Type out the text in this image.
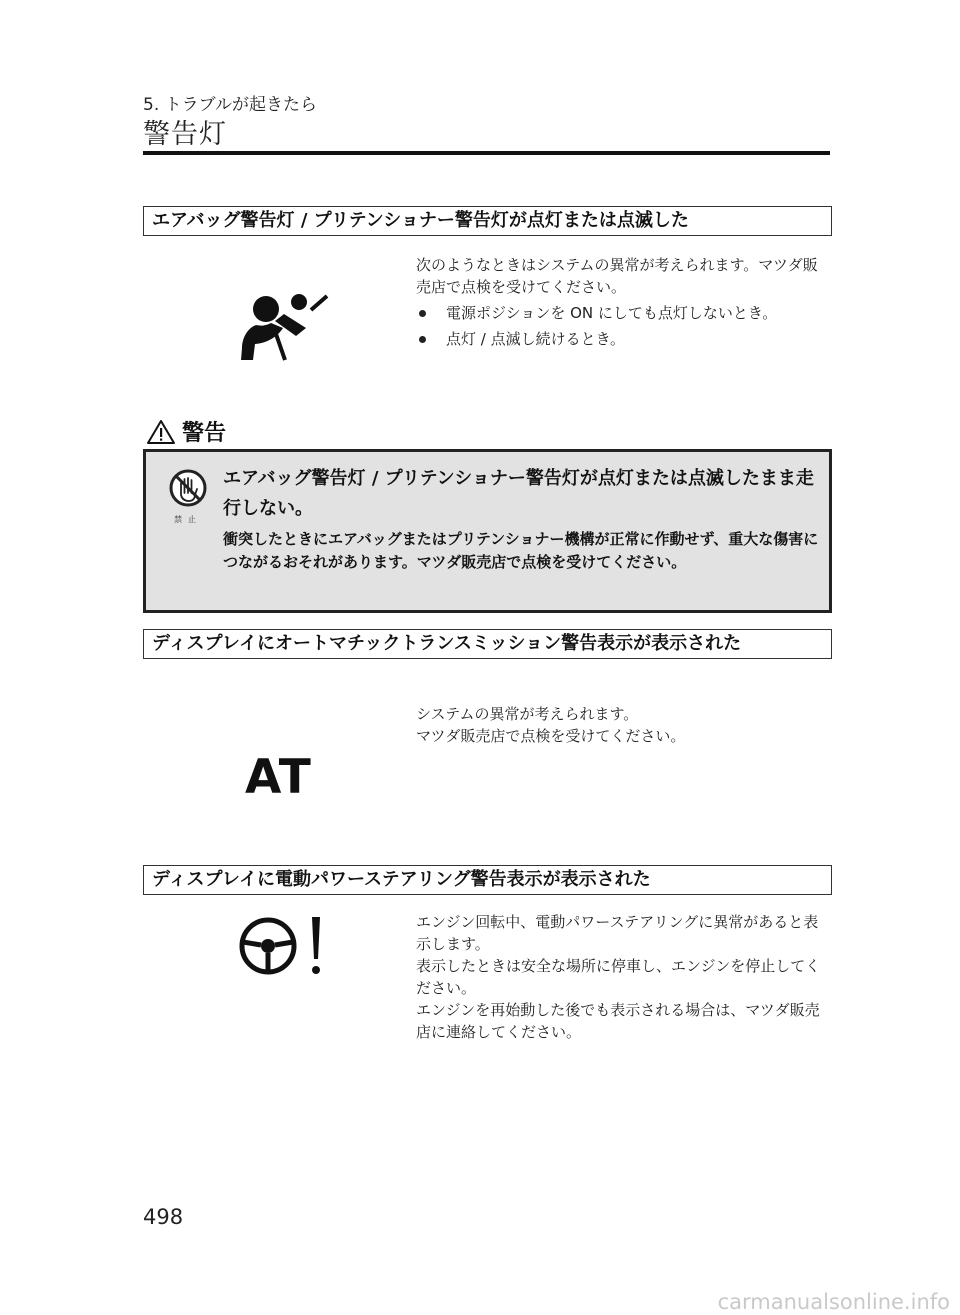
5. トラブルが起きたら
警告灯
エアバッグ警告灯 / プリテンショナー警告灯が点灯または点滅した

次のようなときはシステムの異常が考えられます。マツダ販売店で点検を受けてください。

電源ポジションを ON にしても点灯しないとき。

点灯 / 点滅し続けるとき。

警告
禁止
エアバッグ警告灯 / プリテンショナー警告灯が点灯または点滅したまま走行しない。
衝突したときにエアバッグまたはプリテンショナー機構が正常に作動せず、重大な傷害につながるおそれがあります。マツダ販売店で点検を受けてください。
ディスプレイにオートマチックトランスミッション警告表示が表示された
AT

システムの異常が考えられます。

マツダ販売店で点検を受けてください。

ディスプレイに電動パワーステアリング警告表示が表示された

エンジン回転中、電動パワーステアリングに異常があると表示します。

表示したときは安全な場所に停車し、エンジンを停止してください。

エンジンを再始動した後でも表示される場合は、マツダ販売店に連絡してください。

498
carmanualsonline.info
